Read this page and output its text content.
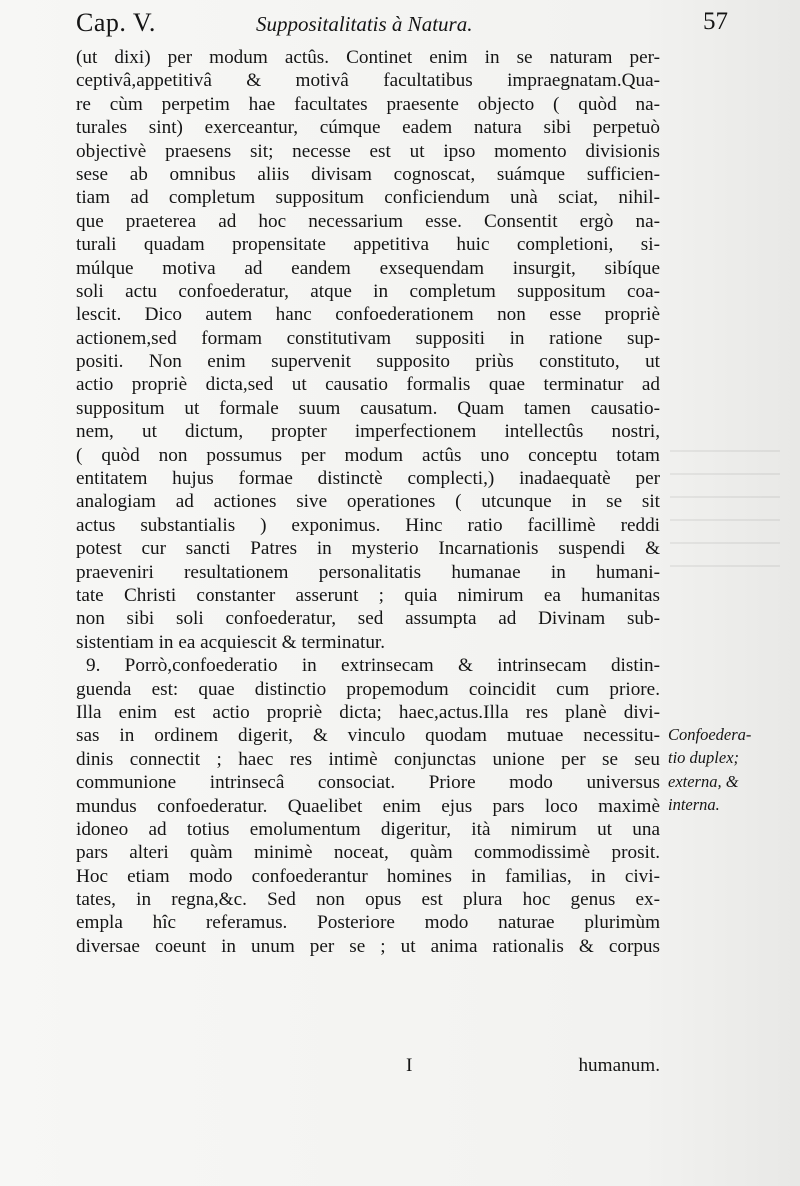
Cap. V.	Suppositalitatis à Natura.	57
(ut dixi) per modum actûs. Continet enim in se naturam per-
ceptivâ,appetitivâ & motivâ facultatibus impraegnatam.Qua-
re cùm perpetim hae facultates praesente objecto ( quòd na-
turales sint) exerceantur, cúmque eadem natura sibi perpetuò
objectivè praesens sit; necesse est ut ipso momento divisionis
sese ab omnibus aliis divisam cognoscat, suámque sufficien-
tiam ad completum suppositum conficiendum unà sciat, nihil-
que praeterea ad hoc necessarium esse. Consentit ergò na-
turali quadam propensitate appetitiva huic completioni, si-
múlque motiva ad eandem exsequendam insurgit, sibíque
soli actu confoederatur, atque in completum suppositum coa-
lescit. Dico autem hanc confoederationem non esse propriè
actionem,sed formam constitutivam suppositi in ratione sup-
positi. Non enim supervenit supposito priùs constituto, ut
actio propriè dicta,sed ut causatio formalis quae terminatur ad
suppositum ut formale suum causatum. Quam tamen causatio-
nem, ut dictum, propter imperfectionem intellectûs nostri,
( quòd non possumus per modum actûs uno conceptu totam
entitatem hujus formae distinctè complecti,) inadaequatè per
analogiam ad actiones sive operationes ( utcunque in se sit
actus substantialis ) exponimus. Hinc ratio facillimè reddi
potest cur sancti Patres in mysterio Incarnationis suspendi &
praeveniri resultationem personalitatis humanae in humani-
tate Christi constanter asserunt ; quia nimirum ea humanitas
non sibi soli confoederatur, sed assumpta ad Divinam sub-
sistentiam in ea acquiescit & terminatur.
9. Porrò,confoederatio in extrinsecam & intrinsecam distin-
guenda est: quae distinctio propemodum coincidit cum priore.
Illa enim est actio propriè dicta; haec,actus.Illa res planè divi-
sas in ordinem digerit, & vinculo quodam mutuae necessitu-
dinis connectit ; haec res intimè conjunctas unione per se seu
communione intrinsecâ consociat. Priore modo universus
mundus confoederatur. Quaelibet enim ejus pars loco maximè
idoneo ad totius emolumentum digeritur, ità nimirum ut una
pars alteri quàm minimè noceat, quàm commodissimè prosit.
Hoc etiam modo confoederantur homines in familias, in civi-
tates, in regna,&c. Sed non opus est plura hoc genus ex-
empla hîc referamus. Posteriore modo naturae plurimùm
diversae coeunt in unum per se ; ut anima rationalis & corpus
Confoedera-
tio duplex;
externa, &
interna.
I	humanum.
